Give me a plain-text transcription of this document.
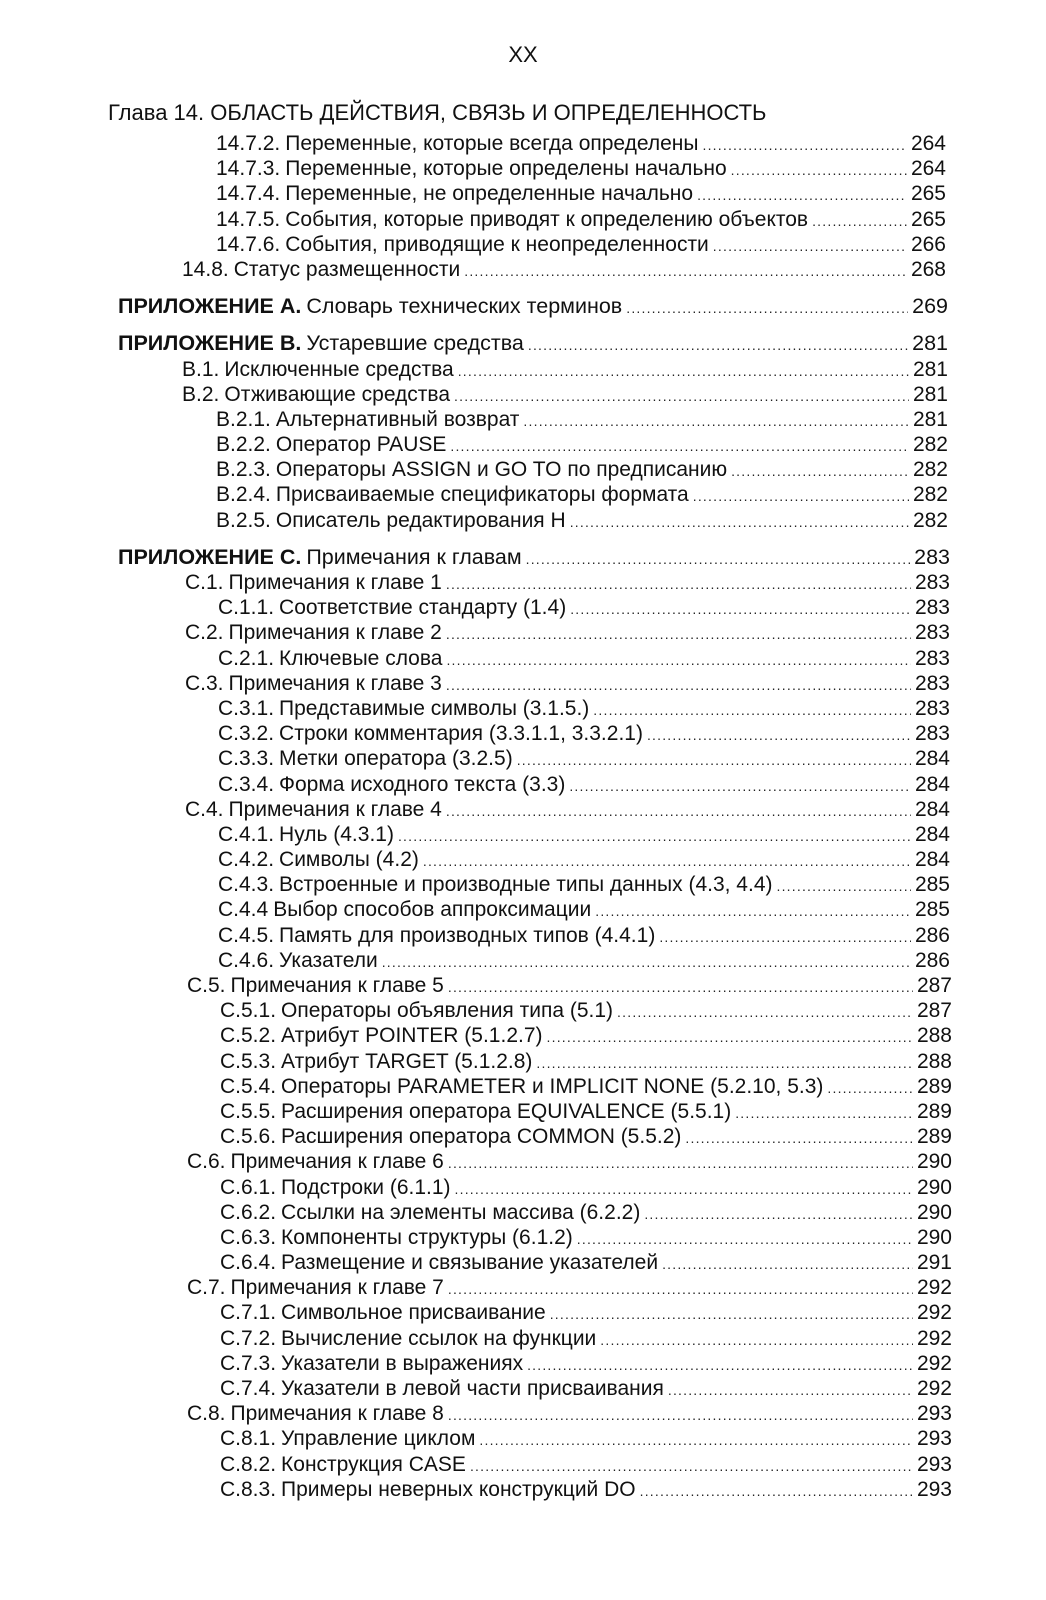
XX
Глава 14. ОБЛАСТЬ ДЕЙСТВИЯ, СВЯЗЬ И ОПРЕДЕЛЕННОСТЬ
14.7.2. Переменные, которые всегда определены .....	264
14.7.3. Переменные, которые определены начально .....	264
14.7.4. Переменные, не определенные начально .....	265
14.7.5. События, которые приводят к определению объектов .....	265
14.7.6. События, приводящие к неопределенности .....	266
14.8. Статус размещенности .....	268
ПРИЛОЖЕНИЕ А. Словарь технических терминов .....	269
ПРИЛОЖЕНИЕ В. Устаревшие средства .....	281
В.1. Исключенные средства .....	281
В.2. Отживающие средства .....	281
В.2.1. Альтернативный возврат .....	281
В.2.2. Оператор PAUSE .....	282
В.2.3. Операторы ASSIGN и GO TO по предписанию .....	282
В.2.4. Присваиваемые спецификаторы формата .....	282
В.2.5. Описатель редактирования H .....	282
ПРИЛОЖЕНИЕ С. Примечания к главам .....	283
С.1. Примечания к главе 1 .....	283
С.1.1. Соответствие стандарту (1.4) .....	283
С.2. Примечания к главе 2 .....	283
С.2.1. Ключевые слова .....	283
С.3. Примечания к главе 3 .....	283
С.3.1. Представимые символы (3.1.5.) .....	283
С.3.2. Строки комментария (3.3.1.1, 3.3.2.1) .....	283
С.3.3. Метки оператора (3.2.5) .....	284
С.3.4. Форма исходного текста (3.3) .....	284
С.4. Примечания к главе 4 .....	284
С.4.1. Нуль (4.3.1) .....	284
С.4.2. Символы (4.2) .....	284
С.4.3. Встроенные и производные типы данных (4.3, 4.4) .....	285
С.4.4 Выбор способов аппроксимации .....	285
С.4.5. Память для производных типов (4.4.1) .....	286
С.4.6. Указатели .....	286
С.5. Примечания к главе 5 .....	287
С.5.1. Операторы объявления типа (5.1) .....	287
С.5.2. Атрибут POINTER (5.1.2.7) .....	288
С.5.3. Атрибут TARGET (5.1.2.8) .....	288
С.5.4. Операторы PARAMETER и IMPLICIT NONE (5.2.10, 5.3) .....	289
С.5.5. Расширения оператора EQUIVALENCE (5.5.1) .....	289
С.5.6. Расширения оператора COMMON (5.5.2) .....	289
С.6. Примечания к главе 6 .....	290
С.6.1. Подстроки (6.1.1) .....	290
С.6.2. Ссылки на элементы массива (6.2.2) .....	290
С.6.3. Компоненты структуры (6.1.2) .....	290
С.6.4. Размещение и связывание указателей .....	291
С.7. Примечания к главе 7 .....	292
С.7.1. Символьное присваивание .....	292
С.7.2. Вычисление ссылок на функции .....	292
С.7.3. Указатели в выражениях .....	292
С.7.4. Указатели в левой части присваивания .....	292
С.8. Примечания к главе 8 .....	293
С.8.1. Управление циклом .....	293
С.8.2. Конструкция CASE .....	293
С.8.3. Примеры неверных конструкций DO .....	293
